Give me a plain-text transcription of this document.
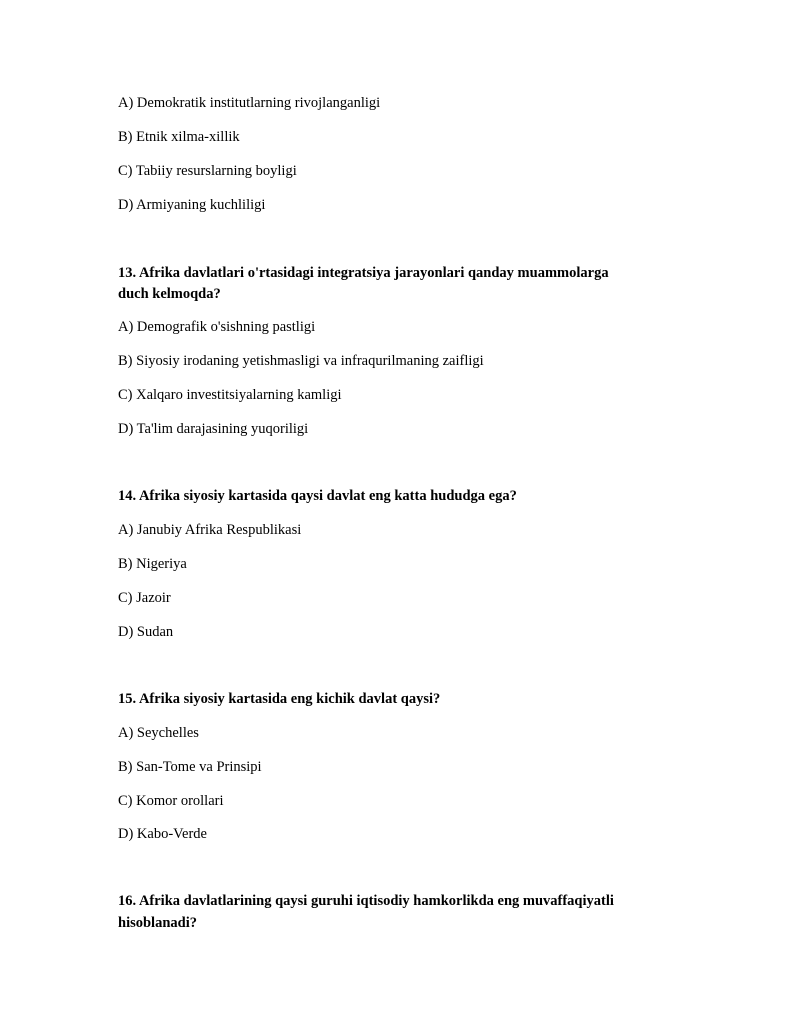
A) Demokratik institutlarning rivojlanganligi
B) Etnik xilma-xillik
C) Tabiiy resurslarning boyligi
D) Armiyaning kuchliligi
13. Afrika davlatlari o'rtasidagi integratsiya jarayonlari qanday muammolarga
duch kelmoqda?
A) Demografik o'sishning pastligi
B) Siyosiy irodaning yetishmasligi va infraqurilmaning zaifligi
C) Xalqaro investitsiyalarning kamligi
D) Ta'lim darajasining yuqoriligi
14. Afrika siyosiy kartasida qaysi davlat eng katta hududga ega?
A) Janubiy Afrika Respublikasi
B) Nigeriya
C) Jazoir
D) Sudan
15. Afrika siyosiy kartasida eng kichik davlat qaysi?
A) Seychelles
B) San-Tome va Prinsipi
C) Komor orollari
D) Kabo-Verde
16. Afrika davlatlarining qaysi guruhi iqtisodiy hamkorlikda eng muvaffaqiyatli
hisoblanadi?
